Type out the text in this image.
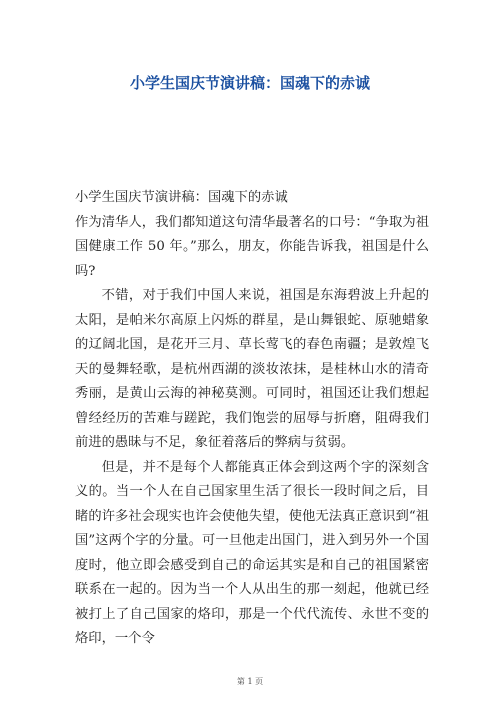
小学生国庆节演讲稿：国魂下的赤诚

小学生国庆节演讲稿：国魂下的赤诚

作为清华人，我们都知道这句清华最著名的口号：“争取为祖国健康工作 50 年。”那么，朋友，你能告诉我，祖国是什么吗?

不错，对于我们中国人来说，祖国是东海碧波上升起的太阳，是帕米尔高原上闪烁的群星，是山舞银蛇、原驰蜡象的辽阔北国，是花开三月、草长莺飞的春色南疆；是敦煌飞天的曼舞轻歌，是杭州西湖的淡妆浓抹，是桂林山水的清奇秀丽，是黄山云海的神秘莫测。可同时，祖国还让我们想起曾经经历的苦难与蹉跎，我们饱尝的屈辱与折磨，阻碍我们前进的愚昧与不足，象征着落后的弊病与贫弱。

但是，并不是每个人都能真正体会到这两个字的深刻含义的。当一个人在自己国家里生活了很长一段时间之后，目睹的许多社会现实也许会使他失望，使他无法真正意识到“祖国”这两个字的分量。可一旦他走出国门，进入到另外一个国度时，他立即会感受到自己的命运其实是和自己的祖国紧密联系在一起的。因为当一个人从出生的那一刻起，他就已经被打上了自己国家的烙印，那是一个代代流传、永世不变的烙印，一个令

第 1 页
